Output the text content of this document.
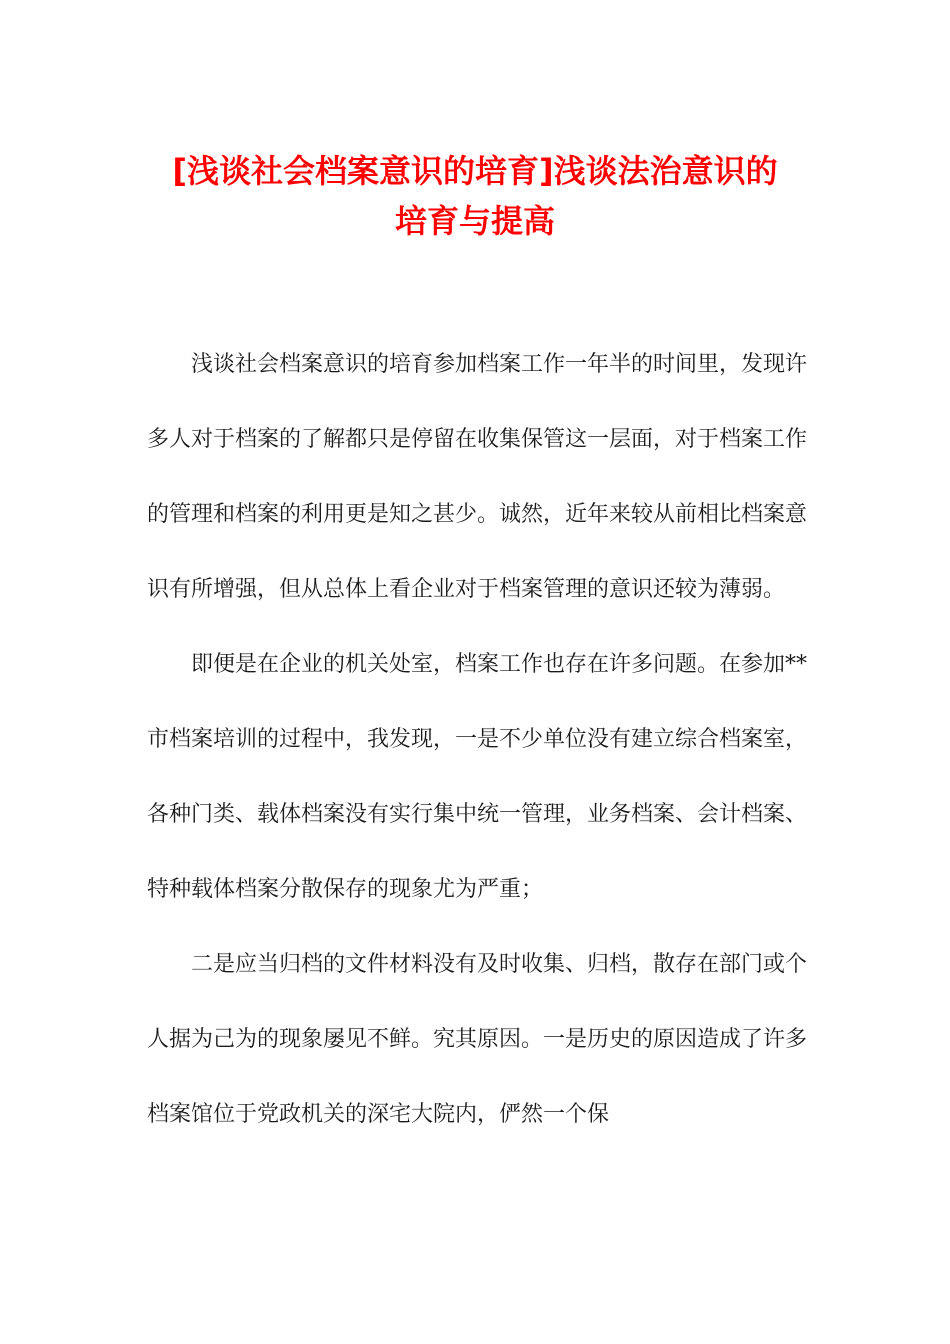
[浅谈社会档案意识的培育]浅谈法治意识的
培育与提高

浅谈社会档案意识的培育参加档案工作一年半的时间里，发现许多人对于档案的了解都只是停留在收集保管这一层面，对于档案工作的管理和档案的利用更是知之甚少。诚然，近年来较从前相比档案意识有所增强，但从总体上看企业对于档案管理的意识还较为薄弱。

即便是在企业的机关处室，档案工作也存在许多问题。在参加**市档案培训的过程中，我发现，一是不少单位没有建立综合档案室，各种门类、载体档案没有实行集中统一管理，业务档案、会计档案、特种载体档案分散保存的现象尤为严重；

二是应当归档的文件材料没有及时收集、归档，散存在部门或个人据为己为的现象屡见不鲜。究其原因。一是历史的原因造成了许多档案馆位于党政机关的深宅大院内，俨然一个保
